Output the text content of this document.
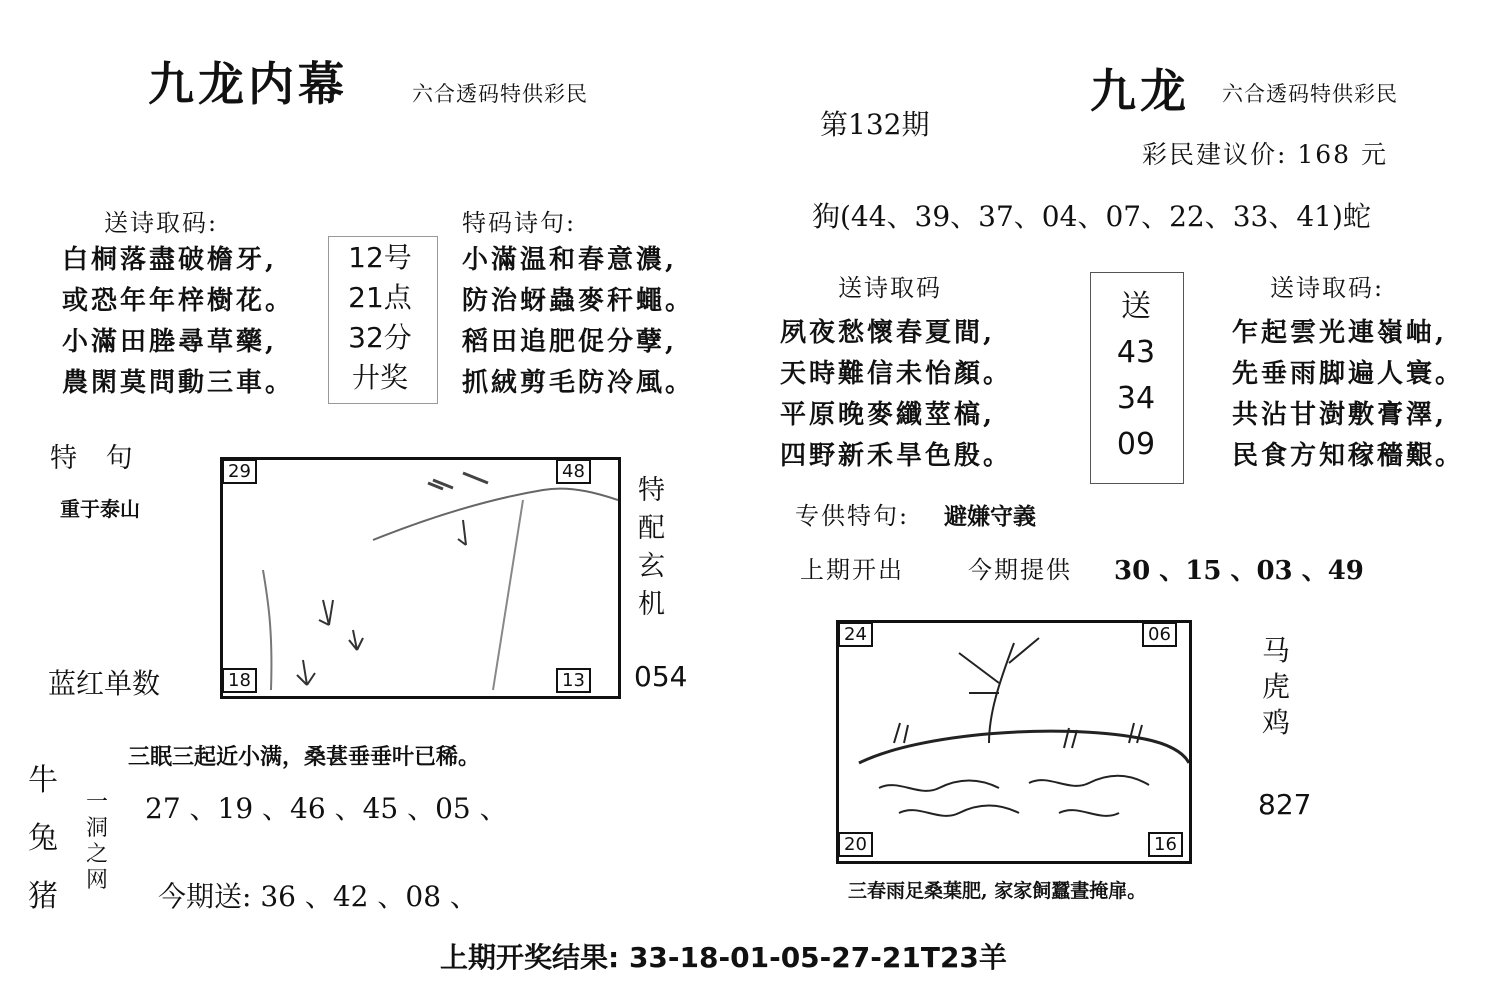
九龙内幕	六合透码特供彩民
送诗取码:
白桐落盡破檐牙,
或恐年年梓樹花。
小滿田塍尋草藥,
農閑莫問動三車。
12号
21点
32分
廾奖
特码诗句:
小滿温和春意濃,
防治蚜蟲麥秆蠅。
稻田追肥促分孽,
抓絨剪毛防冷風。
特 句
重于泰山
29	48
18	13
特
配
玄
机
蓝红单数	054
牛
兔
猪
三眠三起近小满，桑葚垂垂叶已稀。
一
洞
之
网
27 、19 、46 、45 、05 、
今期送: 36 、42 、08 、
九龙 六合透码特供彩民
第132期
彩民建议价: 168 元
狗(44、39、37、04、07、22、33、41)蛇
送诗取码
夙夜愁懷春夏間,
天時難信未怡顏。
平原晚麥纖莖槁,
四野新禾旱色殷。
送
43
34
09
送诗取码:
乍起雲光連嶺岫,
先垂雨脚遍人寰。
共沾甘澍敷膏澤,
民食方知稼穡艱。
专供特句: 避嫌守義
上期开出	今期提供 30 、15 、03 、49
24	06
20	16
马
虎
鸡
827
三春雨足桑葉肥, 家家飼蠶晝掩扉。
上期开奖结果: 33-18-01-05-27-21T23羊
